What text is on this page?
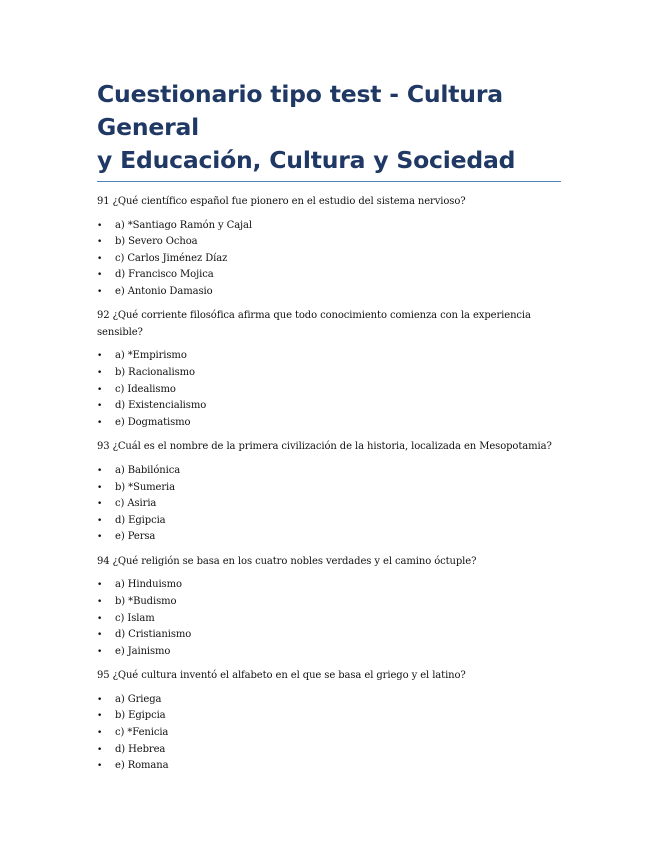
Cuestionario tipo test - Cultura General
y Educación, Cultura y Sociedad

91 ¿Qué científico español fue pionero en el estudio del sistema nervioso?

• a) *Santiago Ramón y Cajal
• b) Severo Ochoa
• c) Carlos Jiménez Díaz
• d) Francisco Mojica
• e) Antonio Damasio

92 ¿Qué corriente filosófica afirma que todo conocimiento comienza con la experiencia sensible?

• a) *Empirismo
• b) Racionalismo
• c) Idealismo
• d) Existencialismo
• e) Dogmatismo

93 ¿Cuál es el nombre de la primera civilización de la historia, localizada en Mesopotamia?

• a) Babilónica
• b) *Sumeria
• c) Asiria
• d) Egipcia
• e) Persa

94 ¿Qué religión se basa en los cuatro nobles verdades y el camino óctuple?

• a) Hinduismo
• b) *Budismo
• c) Islam
• d) Cristianismo
• e) Jainismo

95 ¿Qué cultura inventó el alfabeto en el que se basa el griego y el latino?

• a) Griega
• b) Egipcia
• c) *Fenicia
• d) Hebrea
• e) Romana
